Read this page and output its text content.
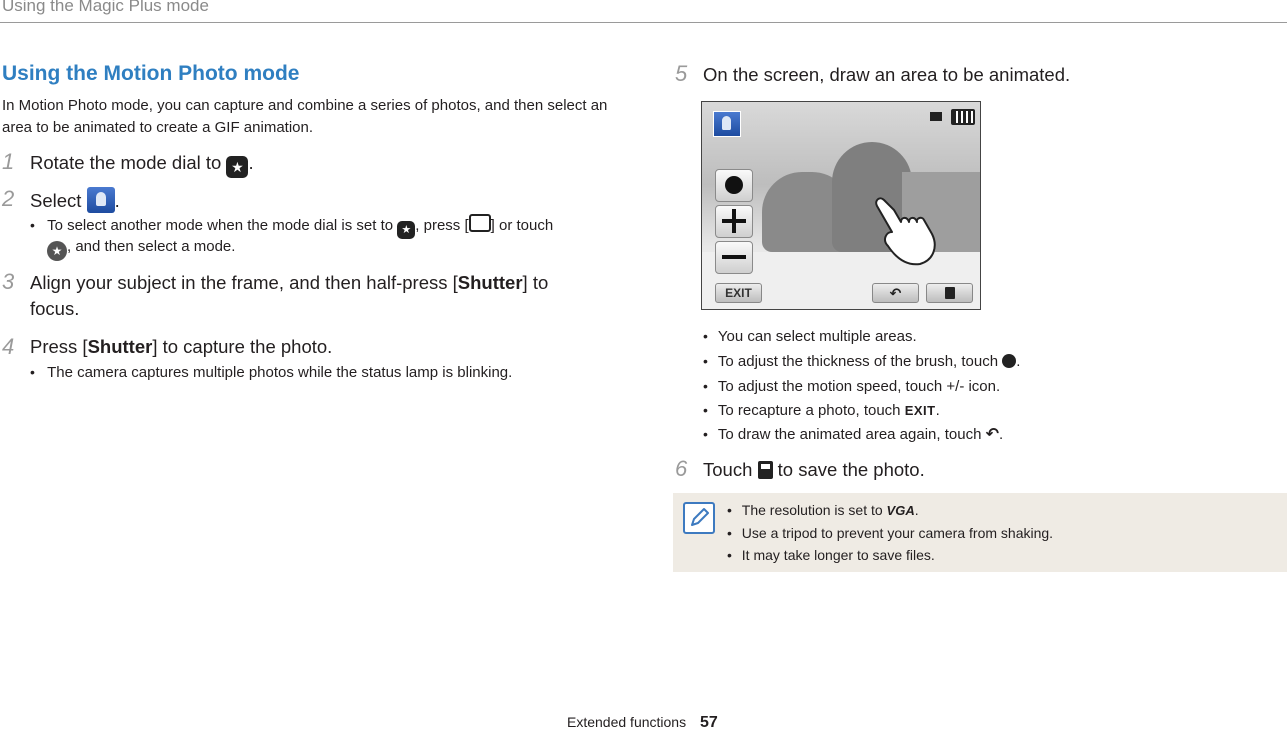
Using the Magic Plus mode
Using the Motion Photo mode
In Motion Photo mode, you can capture and combine a series of photos, and then select an area to be animated to create a GIF animation.
1 Rotate the mode dial to ★ .
2 Select .
• To select another mode when the mode dial is set to ★ , press [ ] or touch
★ , and then select a mode.
3 Align your subject in the frame, and then half-press [Shutter] to
focus.
4 Press [Shutter] to capture the photo.
• The camera captures multiple photos while the status lamp is blinking.
5 On the screen, draw an area to be animated.
EXIT	↶
• You can select multiple areas.
• To adjust the thickness of the brush, touch .
• To adjust the motion speed, touch +/- icon.
• To recapture a photo, touch EXIT.
• To draw the animated area again, touch ↶.
6 Touch to save the photo.
• The resolution is set to VGA.
• Use a tripod to prevent your camera from shaking.
• It may take longer to save files.
Extended functions 57
